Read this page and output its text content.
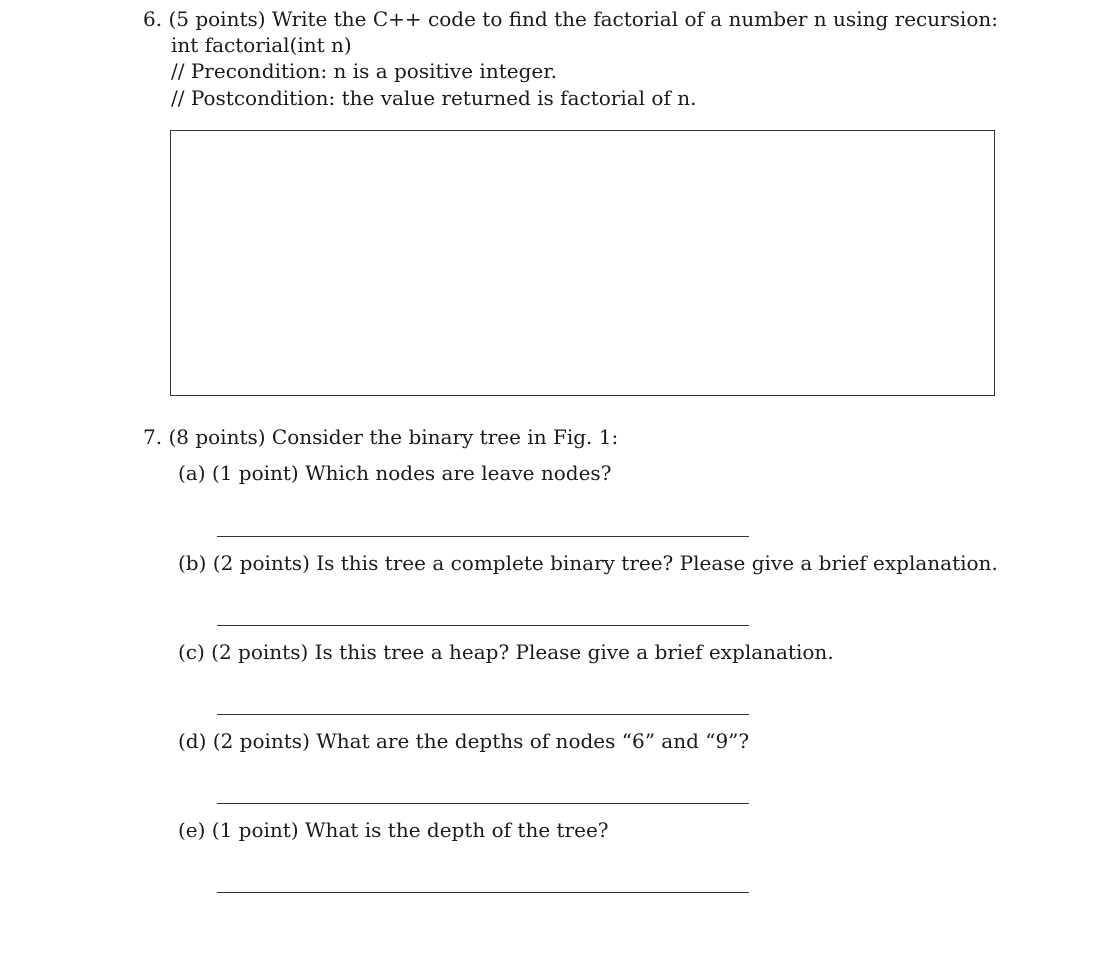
6. (5 points) Write the C++ code to find the factorial of a number n using recursion:
int factorial(int n)
// Precondition: n is a positive integer.
// Postcondition: the value returned is factorial of n.
7. (8 points) Consider the binary tree in Fig. 1:
(a) (1 point) Which nodes are leave nodes?
(b) (2 points) Is this tree a complete binary tree? Please give a brief explanation.
(c) (2 points) Is this tree a heap? Please give a brief explanation.
(d) (2 points) What are the depths of nodes “6” and “9”?
(e) (1 point) What is the depth of the tree?
